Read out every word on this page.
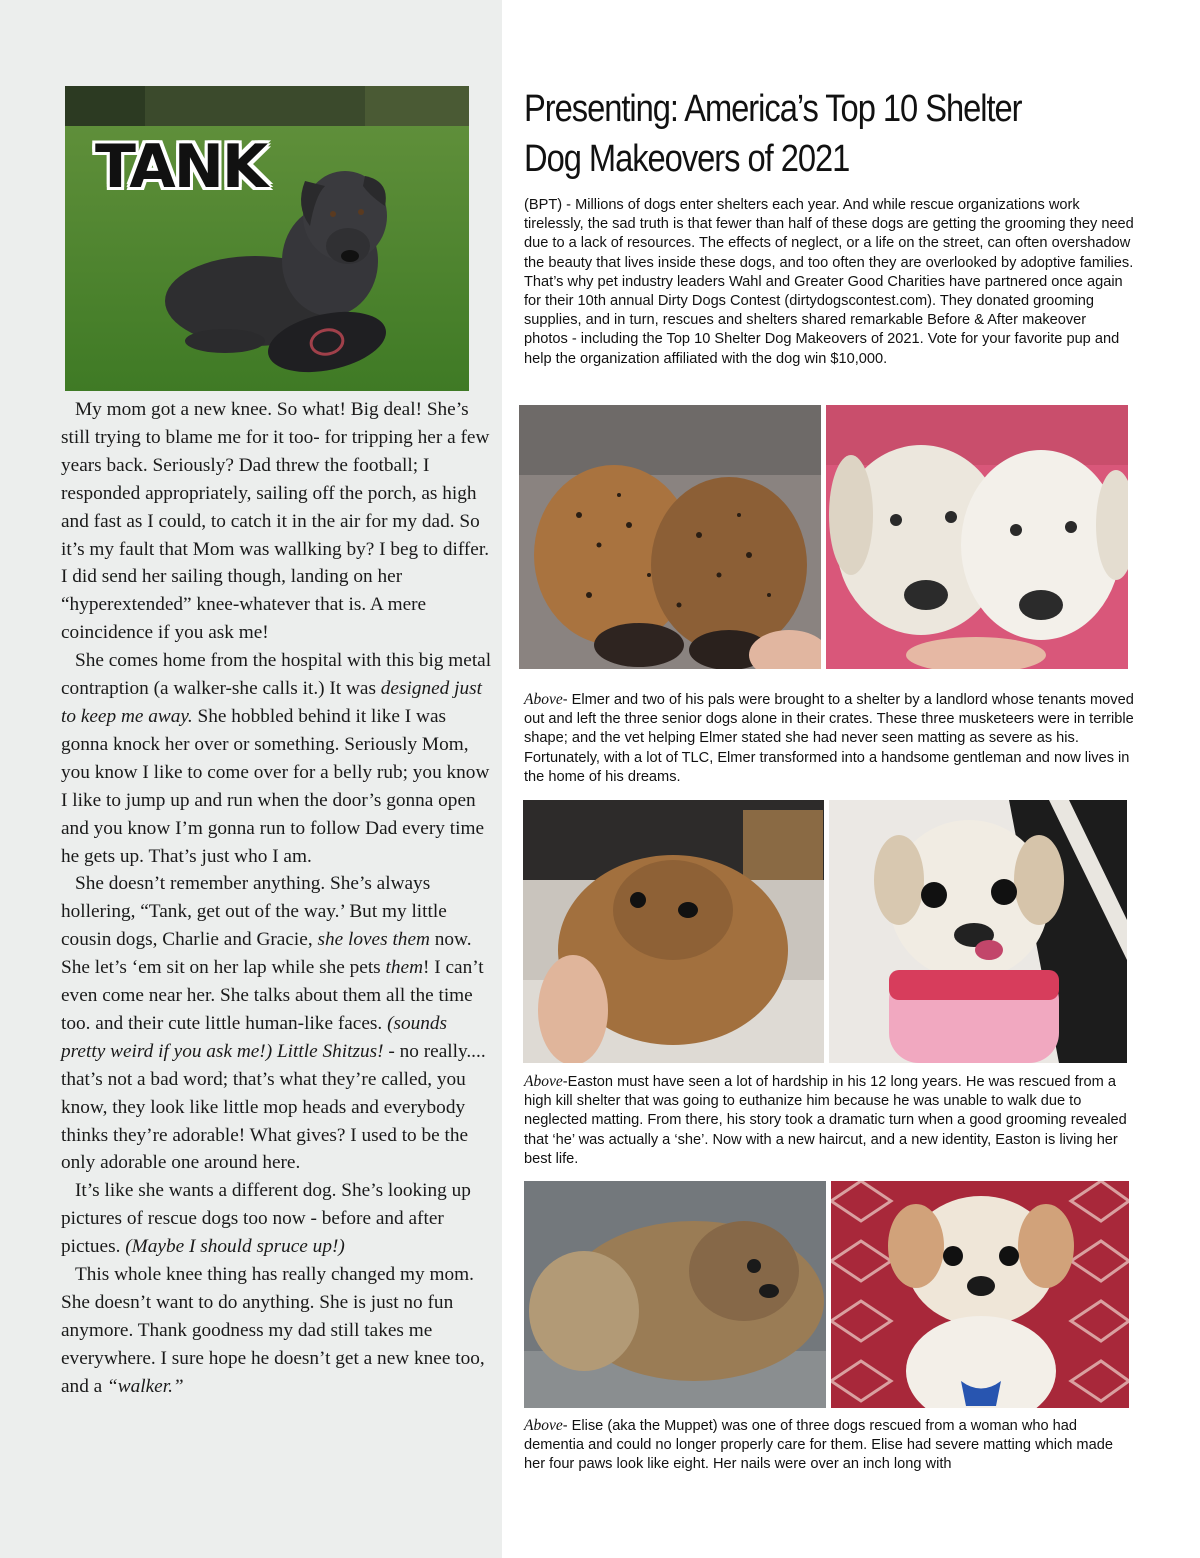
TANK

My mom got a new knee. So what! Big deal! She’s still trying to blame me for it too- for tripping her a few years back. Seriously? Dad threw the football; I responded appropriately, sailing off the porch, as high and fast as I could, to catch it in the air for my dad. So it’s my fault that Mom was wallking by? I beg to differ. I did send her sailing though, landing on her “hyperextended” knee-whatever that is. A mere coincidence if you ask me!

She comes home from the hospital with this big metal contraption (a walker-she calls it.) It was designed just to keep me away. She hobbled behind it like I was gonna knock her over or something. Seriously Mom, you know I like to come over for a belly rub; you know I like to jump up and run when the door’s gonna open and you know I’m gonna run to follow Dad every time he gets up. That’s just who I am.

She doesn’t remember anything. She’s always hollering, “Tank, get out of the way.’ But my little cousin dogs, Charlie and Gracie, she loves them now. She let’s ‘em sit on her lap while she pets them! I can’t even come near her. She talks about them all the time too. and their cute little human-like faces. (sounds pretty weird if you ask me!) Little Shitzus! - no really.... that’s not a bad word; that’s what they’re called, you know, they look like little mop heads and everybody thinks they’re adorable! What gives? I used to be the only adorable one around here.

It’s like she wants a different dog. She’s looking up pictures of rescue dogs too now - before and after pictues. (Maybe I should spruce up!)

This whole knee thing has really changed my mom. She doesn’t want to do anything. She is just no fun anymore. Thank goodness my dad still takes me everywhere. I sure hope he doesn’t get a new knee too, and a “walker.”

Presenting: America’s Top 10 Shelter Dog Makeovers of 2021
(BPT) - Millions of dogs enter shelters each year. And while rescue organizations work tirelessly, the sad truth is that fewer than half of these dogs are getting the grooming they need due to a lack of resources. The effects of neglect, or a life on the street, can often overshadow the beauty that lives inside these dogs, and too often they are overlooked by adoptive families. That’s why pet industry leaders Wahl and Greater Good Charities have partnered once again for their 10th annual Dirty Dogs Contest (dirtydogscontest.com). They donated grooming supplies, and in turn, rescues and shelters shared remarkable Before & After makeover photos - including the Top 10 Shelter Dog Makeovers of 2021. Vote for your favorite pup and help the organization affiliated with the dog win $10,000.
Above- Elmer and two of his pals were brought to a shelter by a landlord whose tenants moved out and left the three senior dogs alone in their crates. These three musketeers were in terrible shape; and the vet helping Elmer stated she had never seen matting as severe as his. Fortunately, with a lot of TLC, Elmer transformed into a handsome gentleman and now lives in the home of his dreams.
Above-Easton must have seen a lot of hardship in his 12 long years. He was rescued from a high kill shelter that was going to euthanize him because he was unable to walk due to neglected matting. From there, his story took a dramatic turn when a good grooming revealed that ‘he’ was actually a ‘she’. Now with a new haircut, and a new identity, Easton is living her best life.
Above- Elise (aka the Muppet) was one of three dogs rescued from a woman who had dementia and could no longer properly care for them. Elise had severe matting which made her four paws look like eight. Her nails were over an inch long with
